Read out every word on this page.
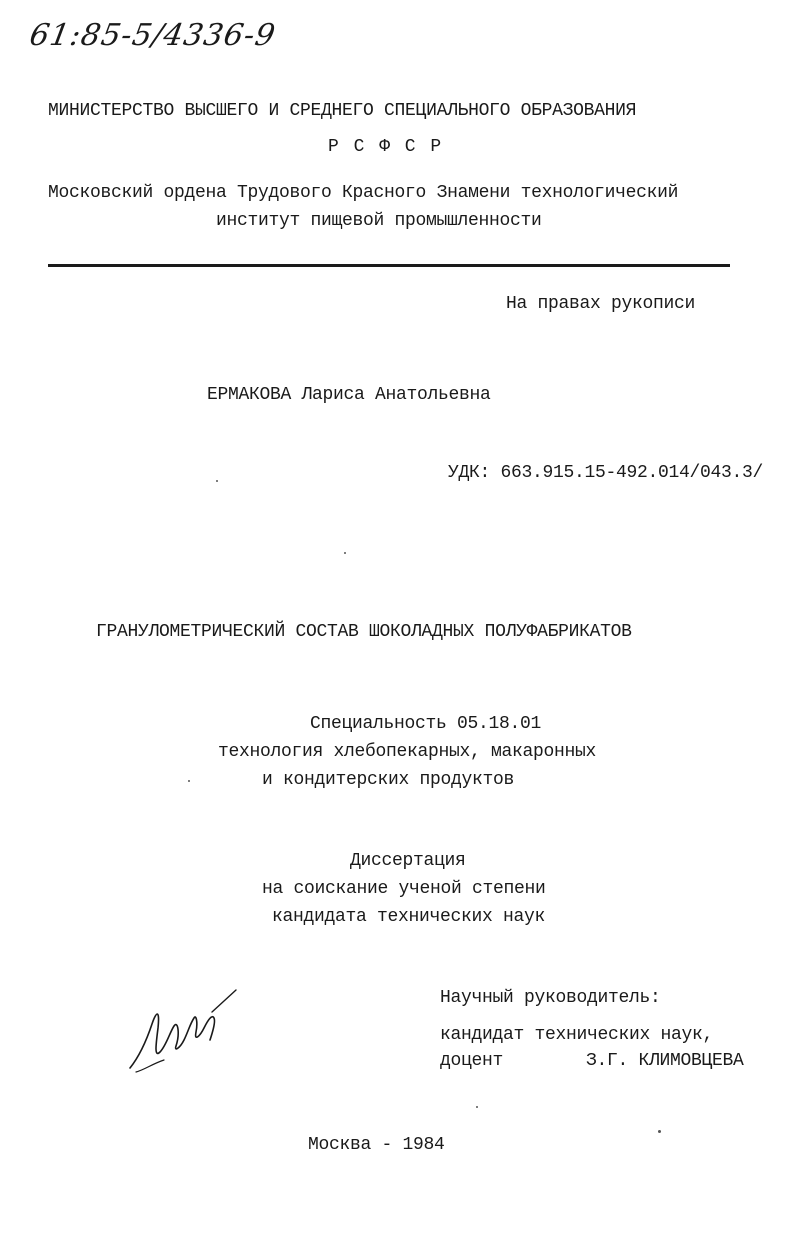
61:85-5/4336-9
МИНИСТЕРСТВО ВЫСШЕГО И СРЕДНЕГО СПЕЦИАЛЬНОГО ОБРАЗОВАНИЯ
Р С Ф С Р
Московский ордена Трудового Красного Знамени технологический
институт пищевой промышленности
На правах рукописи
ЕРМАКОВА Лариса Анатольевна
УДК: 663.915.15-492.014/043.3/
ГРАНУЛОМЕТРИЧЕСКИЙ СОСТАВ ШОКОЛАДНЫХ ПОЛУФАБРИКАТОВ
Специальность 05.18.01
технология хлебопекарных, макаронных
и кондитерских продуктов
Диссертация
на соискание ученой степени
кандидата технических наук
Научный руководитель:
кандидат технических наук,
доцент	З.Г. КЛИМОВЦЕВА
Москва - 1984
